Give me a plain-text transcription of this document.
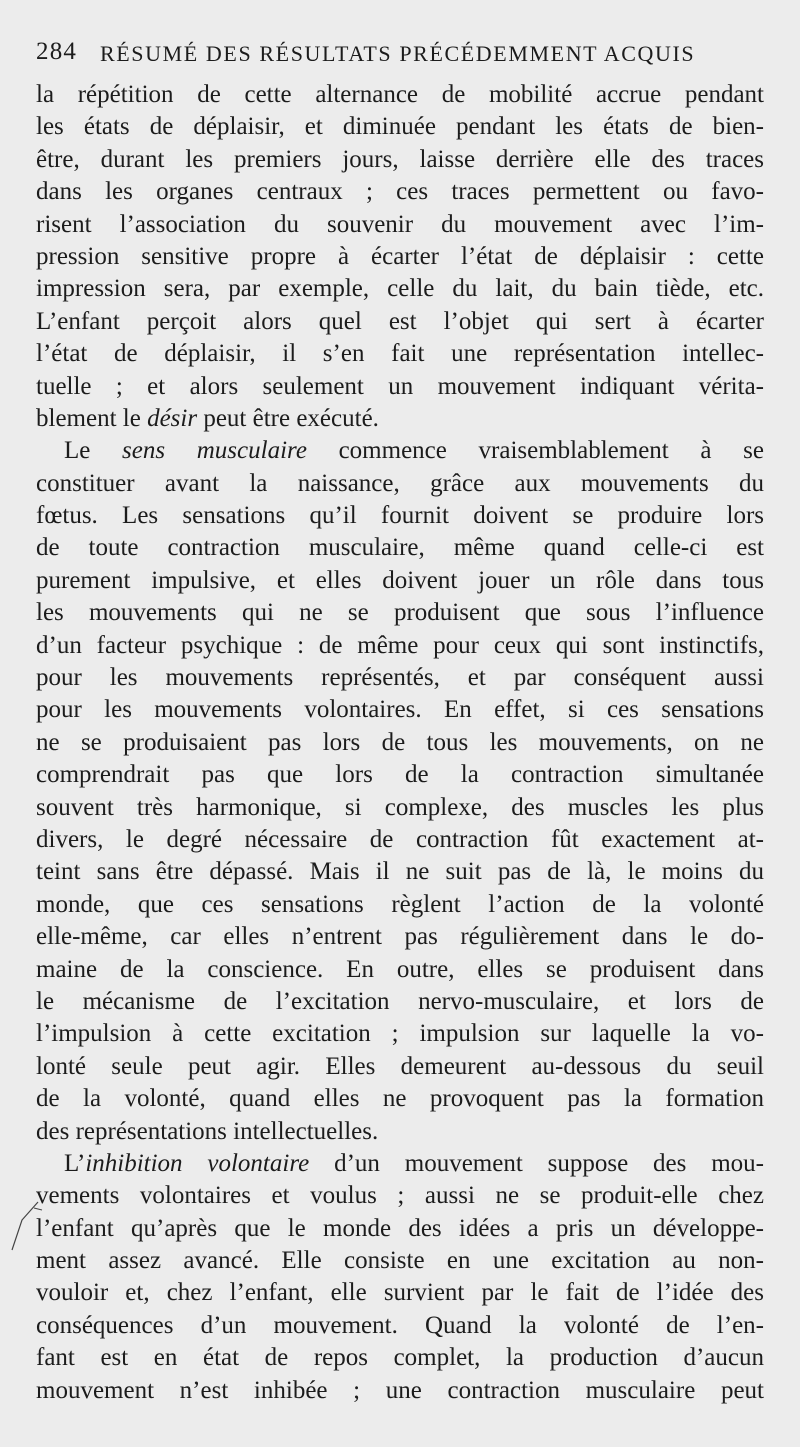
284 RÉSUMÉ DES RÉSULTATS PRÉCÉDEMMENT ACQUIS
la répétition de cette alternance de mobilité accrue pendant
les états de déplaisir, et diminuée pendant les états de bien-
être, durant les premiers jours, laisse derrière elle des traces
dans les organes centraux ; ces traces permettent ou favo-
risent l’association du souvenir du mouvement avec l’im-
pression sensitive propre à écarter l’état de déplaisir : cette
impression sera, par exemple, celle du lait, du bain tiède, etc.
L’enfant perçoit alors quel est l’objet qui sert à écarter
l’état de déplaisir, il s’en fait une représentation intellec-
tuelle ; et alors seulement un mouvement indiquant vérita-
blement le désir peut être exécuté.
Le sens musculaire commence vraisemblablement à se
constituer avant la naissance, grâce aux mouvements du
fœtus. Les sensations qu’il fournit doivent se produire lors
de toute contraction musculaire, même quand celle-ci est
purement impulsive, et elles doivent jouer un rôle dans tous
les mouvements qui ne se produisent que sous l’influence
d’un facteur psychique : de même pour ceux qui sont instinctifs,
pour les mouvements représentés, et par conséquent aussi
pour les mouvements volontaires. En effet, si ces sensations
ne se produisaient pas lors de tous les mouvements, on ne
comprendrait pas que lors de la contraction simultanée
souvent très harmonique, si complexe, des muscles les plus
divers, le degré nécessaire de contraction fût exactement at-
teint sans être dépassé. Mais il ne suit pas de là, le moins du
monde, que ces sensations règlent l’action de la volonté
elle-même, car elles n’entrent pas régulièrement dans le do-
maine de la conscience. En outre, elles se produisent dans
le mécanisme de l’excitation nervo-musculaire, et lors de
l’impulsion à cette excitation ; impulsion sur laquelle la vo-
lonté seule peut agir. Elles demeurent au-dessous du seuil
de la volonté, quand elles ne provoquent pas la formation
des représentations intellectuelles.
L’inhibition volontaire d’un mouvement suppose des mou-
vements volontaires et voulus ; aussi ne se produit-elle chez
l’enfant qu’après que le monde des idées a pris un développe-
ment assez avancé. Elle consiste en une excitation au non-
vouloir et, chez l’enfant, elle survient par le fait de l’idée des
conséquences d’un mouvement. Quand la volonté de l’en-
fant est en état de repos complet, la production d’aucun
mouvement n’est inhibée ; une contraction musculaire peut
